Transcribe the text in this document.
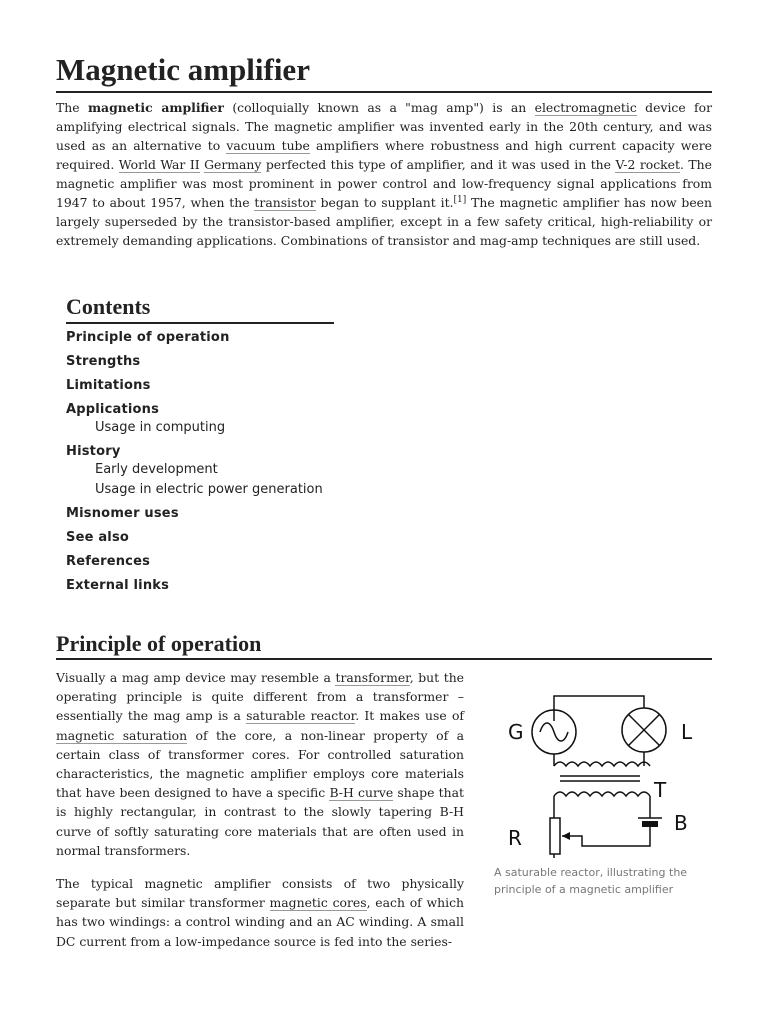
Magnetic amplifier

The magnetic amplifier (colloquially known as a "mag amp") is an electromagnetic device for amplifying electrical signals. The magnetic amplifier was invented early in the 20th century, and was used as an alternative to vacuum tube amplifiers where robustness and high current capacity were required. World War II Germany perfected this type of amplifier, and it was used in the V-2 rocket. The magnetic amplifier was most prominent in power control and low-frequency signal applications from 1947 to about 1957, when the transistor began to supplant it.[1] The magnetic amplifier has now been largely superseded by the transistor-based amplifier, except in a few safety critical, high-reliability or extremely demanding applications. Combinations of transistor and mag-amp techniques are still used.

Contents
Principle of operation
Strengths
Limitations
Applications
Usage in computing
History
Early development
Usage in electric power generation
Misnomer uses
See also
References
External links
Principle of operation

Visually a mag amp device may resemble a transformer, but the operating principle is quite different from a transformer – essentially the mag amp is a saturable reactor. It makes use of magnetic saturation of the core, a non-linear property of a certain class of transformer cores. For controlled saturation characteristics, the magnetic amplifier employs core materials that have been designed to have a specific B-H curve shape that is highly rectangular, in contrast to the slowly tapering B-H curve of softly saturating core materials that are often used in normal transformers.

The typical magnetic amplifier consists of two physically separate but similar transformer magnetic cores, each of which has two windings: a control winding and an AC winding. A small DC current from a low-impedance source is fed into the series-

G	L
T
R
B
A saturable reactor, illustrating the principle of a magnetic amplifier
